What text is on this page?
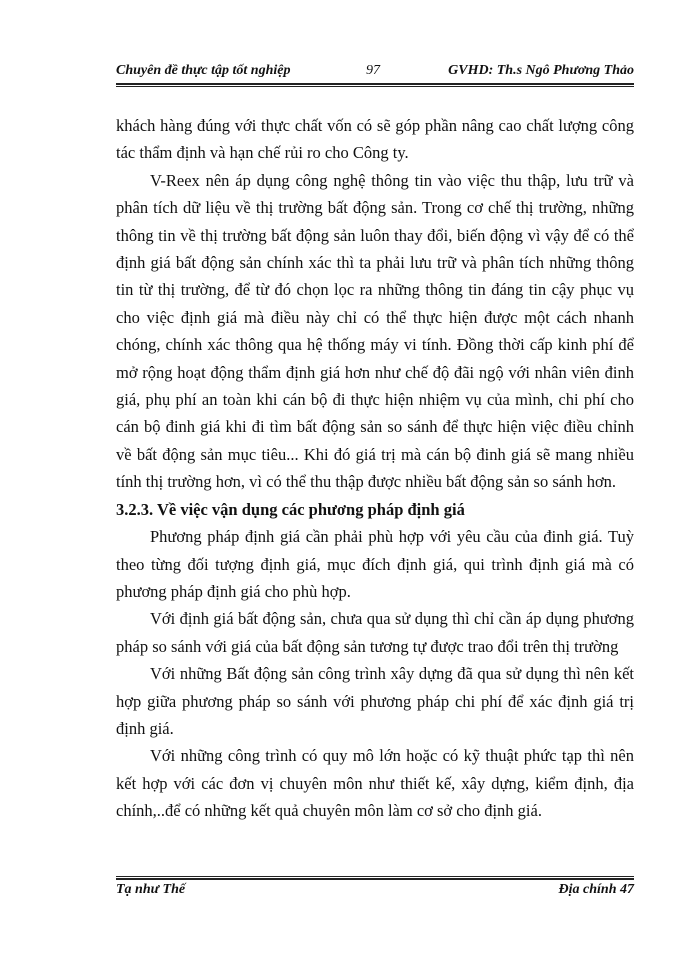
Chuyên đề thực tập tốt nghiệp	97	GVHD: Th.s Ngô Phương Thảo

khách hàng đúng với thực chất vốn có sẽ góp phần nâng cao chất lượng công tác thẩm định và hạn chế rủi ro cho Công ty.

V-Reex nên áp dụng công nghệ thông tin vào việc thu thập, lưu trữ và phân tích dữ liệu về thị trường bất động sản. Trong cơ chế thị trường, những thông tin về thị trường bất động sản luôn thay đổi, biến động vì vậy để có thể định giá bất động sản chính xác thì ta phải lưu trữ và phân tích những thông tin từ thị trường, để từ đó chọn lọc ra những thông tin đáng tin cậy phục vụ cho việc định giá mà điều này chỉ có thể thực hiện được một cách nhanh chóng, chính xác thông qua hệ thống máy vi tính. Đồng thời cấp kinh phí để mở rộng hoạt động thẩm định giá hơn như chế độ đãi ngộ với nhân viên đinh giá, phụ phí an toàn khi cán bộ đi thực hiện nhiệm vụ của mình, chi phí cho cán bộ đinh giá khi đi tìm bất động sản so sánh để thực hiện việc điều chỉnh về bất động sản mục tiêu... Khi đó giá trị mà cán bộ đinh giá sẽ mang nhiều tính thị trường hơn, vì có thể thu thập được nhiều bất động sản so sánh hơn.

3.2.3. Về việc vận dụng các phương pháp định giá

Phương pháp định giá cần phải phù hợp với yêu cầu của đinh giá. Tuỳ theo từng đối tượng định giá, mục đích định giá, qui trình định giá mà có phương pháp định giá cho phù hợp.

Với định giá bất động sản, chưa qua sử dụng thì chỉ cần áp dụng phương pháp so sánh với giá của bất động sản tương tự được trao đổi trên thị trường

Với những Bất động sản công trình xây dựng đã qua sử dụng thì nên kết hợp giữa phương pháp so sánh với phương pháp chi phí để xác định giá trị định giá.

Với những công trình có quy mô lớn hoặc có kỹ thuật phức tạp thì nên kết hợp với các đơn vị chuyên môn như thiết kế, xây dựng, kiểm định, địa chính,..để có những kết quả chuyên môn làm cơ sở cho định giá.

Tạ như Thế	Địa chính 47
